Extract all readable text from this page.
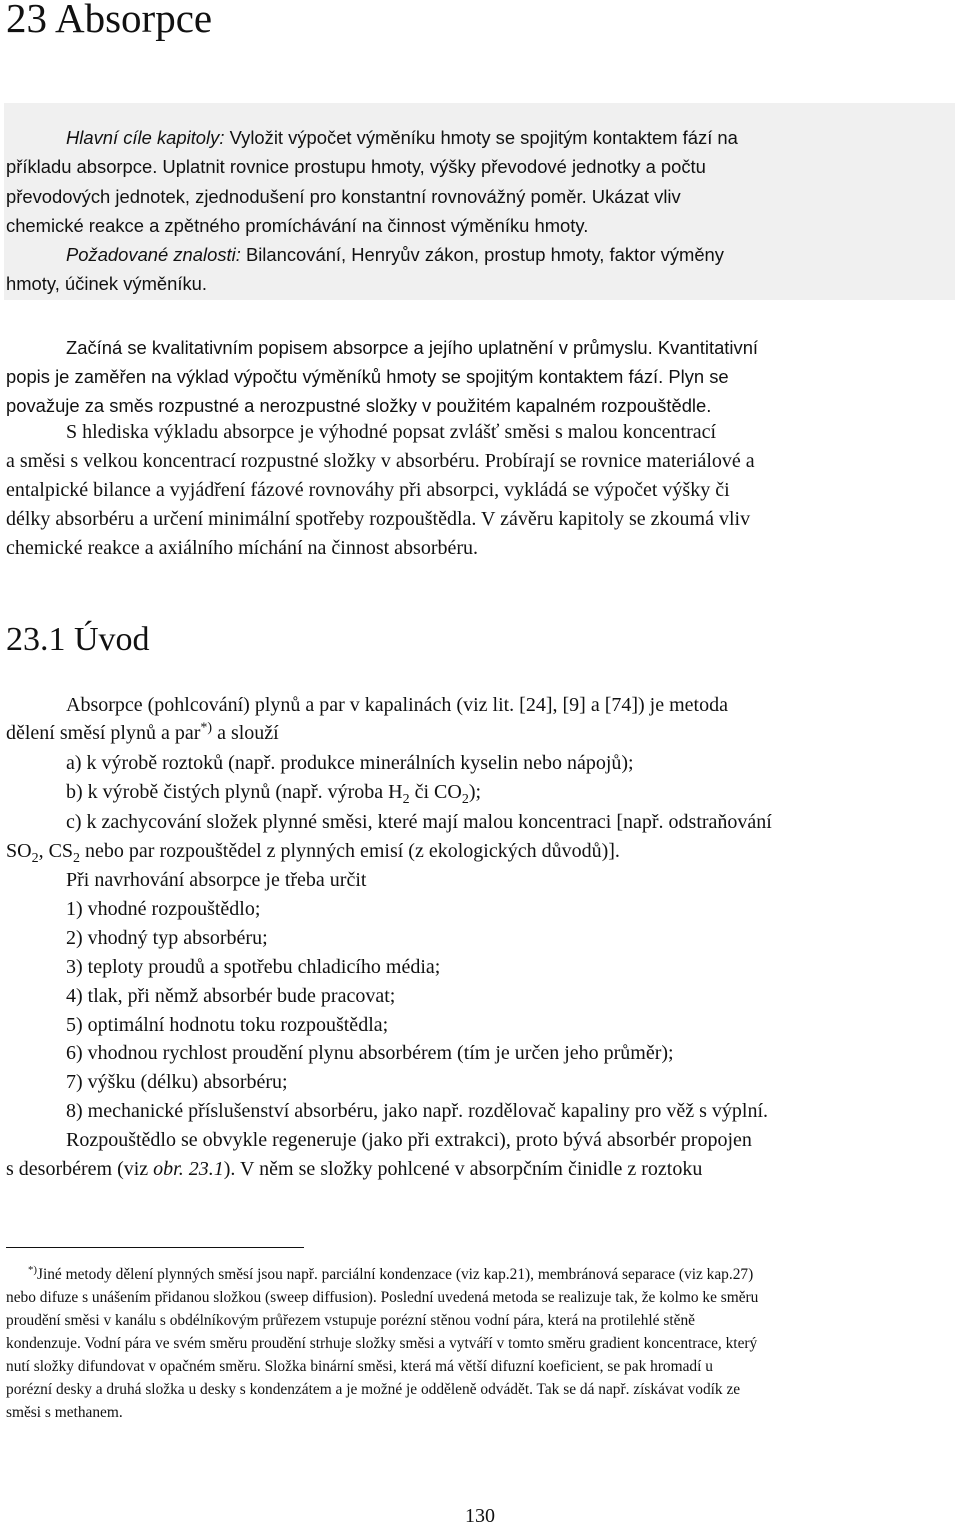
23 Absorpce
Hlavní cíle kapitoly: Vyložit výpočet výměníku hmoty se spojitým kontaktem fází na
příkladu absorpce. Uplatnit rovnice prostupu hmoty, výšky převodové jednotky a počtu
převodových jednotek, zjednodušení pro konstantní rovnovážný poměr. Ukázat vliv
chemické reakce a zpětného promíchávání na činnost výměníku hmoty.
Požadované znalosti: Bilancování, Henryův zákon, prostup hmoty, faktor výměny
hmoty, účinek výměníku.
Začíná se kvalitativním popisem absorpce a jejího uplatnění v průmyslu. Kvantitativní
popis je zaměřen na výklad výpočtu výměníků hmoty se spojitým kontaktem fází. Plyn se
považuje za směs rozpustné a nerozpustné složky v použitém kapalném rozpouštědle.
S hlediska výkladu absorpce je výhodné popsat zvlášť směsi s malou koncentrací
a směsi s velkou koncentrací rozpustné složky v absorbéru. Probírají se rovnice materiálové a
entalpické bilance a vyjádření fázové rovnováhy při absorpci, vykládá se výpočet výšky či
délky absorbéru a určení minimální spotřeby rozpouštědla. V závěru kapitoly se zkoumá vliv
chemické reakce a axiálního míchání na činnost absorbéru.
23.1 Úvod
Absorpce (pohlcování) plynů a par v kapalinách (viz lit. [24], [9] a [74]) je metoda
dělení směsí plynů a par*) a slouží
a) k výrobě roztoků (např. produkce minerálních kyselin nebo nápojů);
b) k výrobě čistých plynů (např. výroba $H_2$ či $CO_2$);
c) k zachycování složek plynné směsi, které mají malou koncentraci [např. odstraňování
$SO_2$, $CS_2$ nebo par rozpouštědel z plynných emisí (z ekologických důvodů)].
Při navrhování absorpce je třeba určit
1) vhodné rozpouštědlo;
2) vhodný typ absorbéru;
3) teploty proudů a spotřebu chladicího média;
4) tlak, při němž absorbér bude pracovat;
5) optimální hodnotu toku rozpouštědla;
6) vhodnou rychlost proudění plynu absorbérem (tím je určen jeho průměr);
7) výšku (délku) absorbéru;
8) mechanické příslušenství absorbéru, jako např. rozdělovač kapaliny pro věž s výplní.
Rozpouštědlo se obvykle regeneruje (jako při extrakci), proto bývá absorbér propojen
s desorbérem (viz obr. 23.1). V něm se složky pohlcené v absorpčním činidle z roztoku
*)Jiné metody dělení plynných směsí jsou např. parciální kondenzace (viz kap.21), membránová separace (viz kap.27)
nebo difuze s unášením přidanou složkou (sweep diffusion). Poslední uvedená metoda se realizuje tak, že kolmo ke směru
proudění směsi v kanálu s obdélníkovým průřezem vstupuje porézní stěnou vodní pára, která na protilehlé stěně
kondenzuje. Vodní pára ve svém směru proudění strhuje složky směsi a vytváří v tomto směru gradient koncentrace, který
nutí složky difundovat v opačném směru. Složka binární směsi, která má větší difuzní koeficient, se pak hromadí u
porézní desky a druhá složka u desky s kondenzátem a je možné je odděleně odvádět. Tak se dá např. získávat vodík ze
směsi s methanem.
130
